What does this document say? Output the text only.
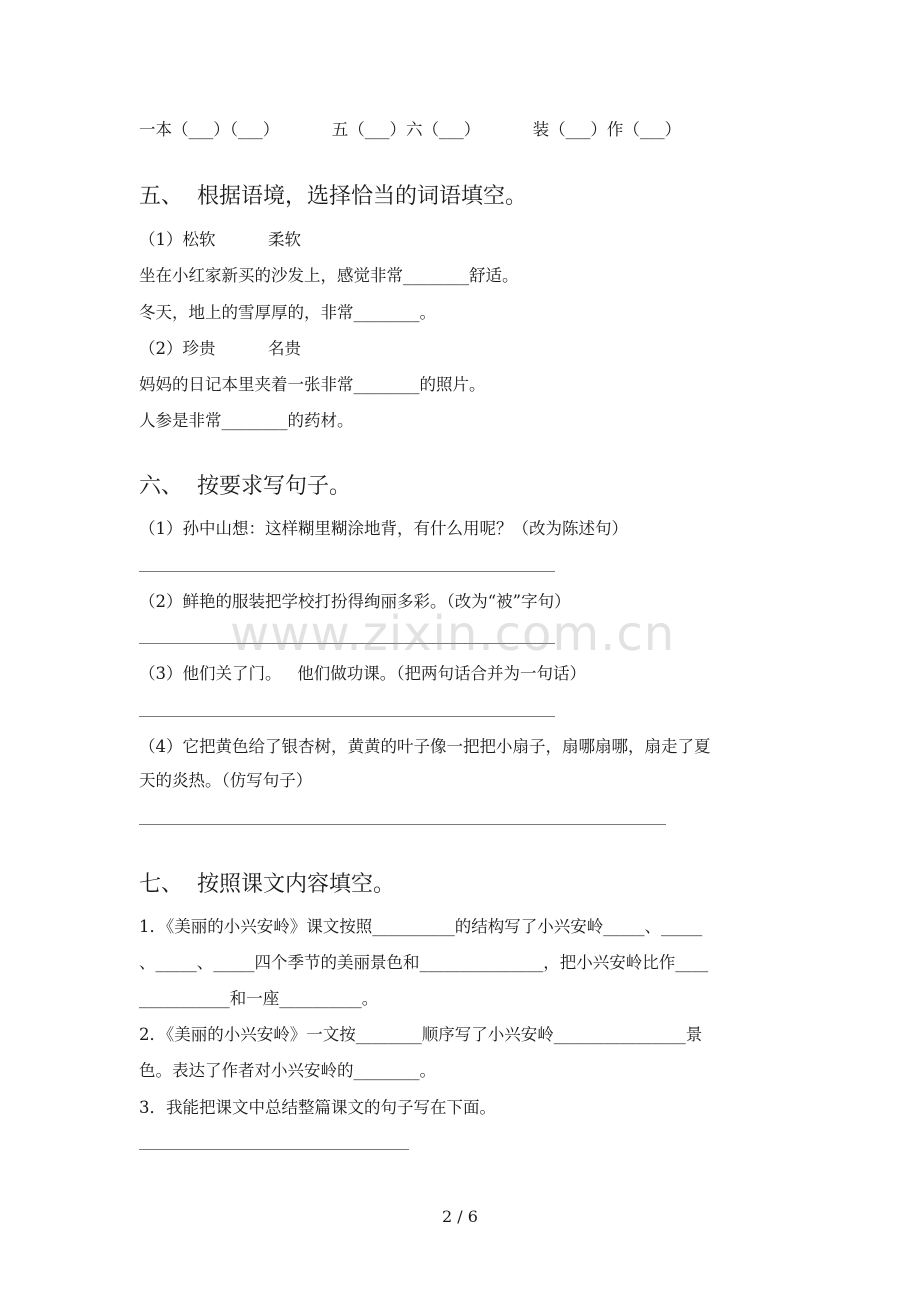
一本（___）（___）          五（___）六（___）          装（___）作（___）

五、  根据语境，选择恰当的词语填空。

（1）松软          柔软

坐在小红家新买的沙发上，感觉非常________舒适。

冬天，地上的雪厚厚的，非常________。

（2）珍贵          名贵

妈妈的日记本里夹着一张非常________的照片。

人参是非常________的药材。

六、  按要求写句子。

（1）孙中山想：这样糊里糊涂地背，有什么用呢？（改为陈述句）

（2）鲜艳的服装把学校打扮得绚丽多彩。（改为“被”字句）

（3）他们关了门。   他们做功课。（把两句话合并为一句话）

（4）它把黄色给了银杏树，黄黄的叶子像一把把小扇子，扇哪扇哪，扇走了夏

天的炎热。（仿写句子）

七、  按照课文内容填空。

1．《美丽的小兴安岭》课文按照__________的结构写了小兴安岭_____、_____

、_____、_____四个季节的美丽景色和_______________，把小兴安岭比作____

___________和一座__________。

2．《美丽的小兴安岭》一文按________顺序写了小兴安岭________________景

色。表达了作者对小兴安岭的________。

3．我能把课文中总结整篇课文的句子写在下面。

www.zixin.com.cn
2 / 6
